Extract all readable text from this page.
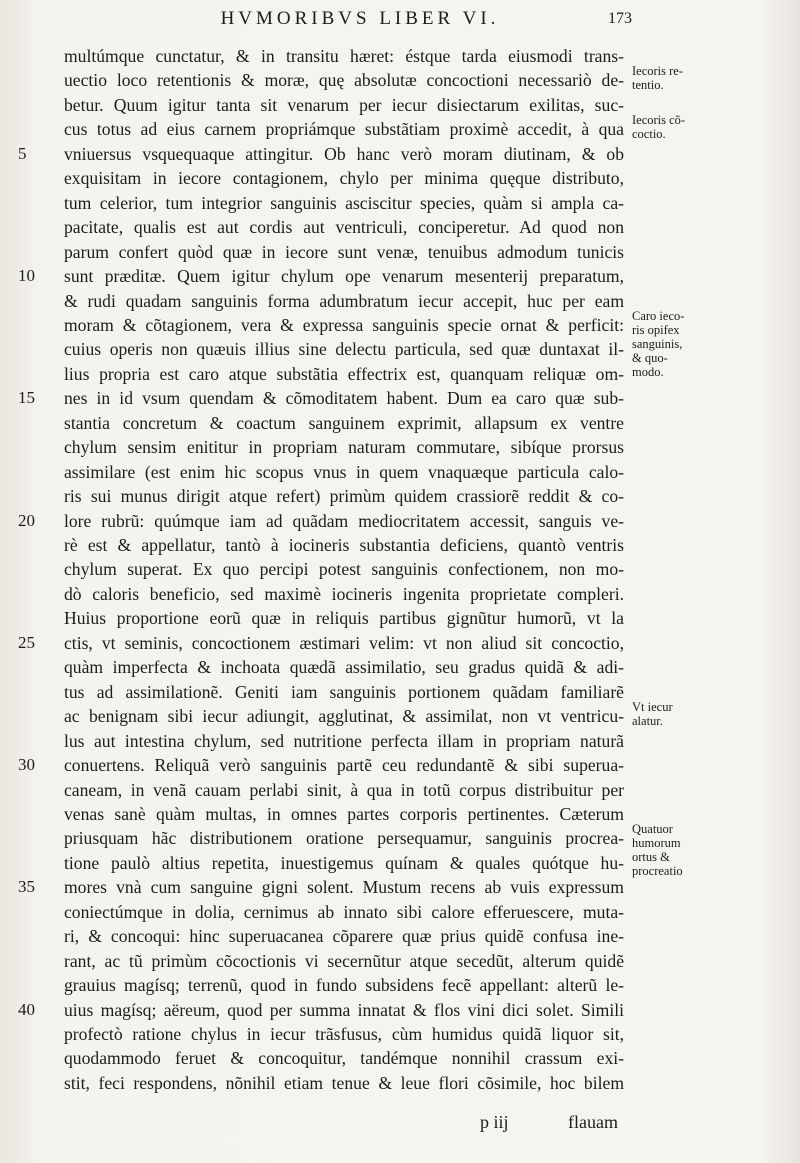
HVMORIBVS LIBER VI.	173
multúmque cunctatur, & in transitu hæret: éstque tarda eiusmodi trans-
uectio loco retentionis & moræ, quę absolutæ concoctioni necessariò de-
betur. Quum igitur tanta sit venarum per iecur disiectarum exilitas, suc-
cus totus ad eius carnem propriámque substãtiam proximè accedit, à qua
5	vniuersus vsquequaque attingitur. Ob hanc verò moram diutinam, & ob
exquisitam in iecore contagionem, chylo per minima quęque distributo,
tum celerior, tum integrior sanguinis asciscitur species, quàm si ampla ca-
pacitate, qualis est aut cordis aut ventriculi, conciperetur. Ad quod non
parum confert quòd quæ in iecore sunt venæ, tenuibus admodum tunicis
10	sunt præditæ. Quem igitur chylum ope venarum mesenterij preparatum,
& rudi quadam sanguinis forma adumbratum iecur accepit, huc per eam
moram & cõtagionem, vera & expressa sanguinis specie ornat & perficit:
cuius operis non quæuis illius sine delectu particula, sed quæ duntaxat il-
lius propria est caro atque substãtia effectrix est, quanquam reliquæ om-
15	nes in id vsum quendam & cõmoditatem habent. Dum ea caro quæ sub-
stantia concretum & coactum sanguinem exprimit, allapsum ex ventre
chylum sensim enititur in propriam naturam commutare, sibíque prorsus
assimilare (est enim hic scopus vnus in quem vnaquæque particula calo-
ris sui munus dirigit atque refert) primùm quidem crassiorẽ reddit & co-
20	lore rubrũ: quúmque iam ad quãdam mediocritatem accessit, sanguis ve-
rè est & appellatur, tantò à iocineris substantia deficiens, quantò ventris
chylum superat. Ex quo percipi potest sanguinis confectionem, non mo-
dò caloris beneficio, sed maximè iocineris ingenita proprietate compleri.
Huius proportione eorũ quæ in reliquis partibus gignũtur humorũ, vt la
25	ctis, vt seminis, concoctionem æstimari velim: vt non aliud sit concoctio,
quàm imperfecta & inchoata quædã assimilatio, seu gradus quidã & adi-
tus ad assimilationẽ. Geniti iam sanguinis portionem quãdam familiarẽ
ac benignam sibi iecur adiungit, agglutinat, & assimilat, non vt ventricu-
lus aut intestina chylum, sed nutritione perfecta illam in propriam naturã
30	conuertens. Reliquã verò sanguinis partẽ ceu redundantẽ & sibi superua-
caneam, in venã cauam perlabi sinit, à qua in totũ corpus distribuitur per
venas sanè quàm multas, in omnes partes corporis pertinentes. Cæterum
priusquam hãc distributionem oratione persequamur, sanguinis procrea-
tione paulò altius repetita, inuestigemus quínam & quales quótque hu-
35	mores vnà cum sanguine gigni solent. Mustum recens ab vuis expressum
coniectúmque in dolia, cernimus ab innato sibi calore efferuescere, muta-
ri, & concoqui: hinc superuacanea cõparere quæ prius quidẽ confusa ine-
rant, ac tũ primùm cõcoctionis vi secernũtur atque secedũt, alterum quidẽ
grauius magísq; terrenũ, quod in fundo subsidens fecẽ appellant: alterũ le-
40	uius magísq; aëreum, quod per summa innatat & flos vini dici solet. Simili
profectò ratione chylus in iecur trãsfusus, cùm humidus quidã liquor sit,
quodammodo feruet & concoquitur, tandémque nonnihil crassum exi-
stit, feci respondens, nõnihil etiam tenue & leue flori cõsimile, hoc bilem
Iecoris re-
tentio.
Iecoris cõ-
coctio.
Caro ieco-
ris opifex
sanguinis,
& quo-
modo.
Vt iecur
alatur.
Quatuor
humorum
ortus &
procreatio
p iij	flauam
